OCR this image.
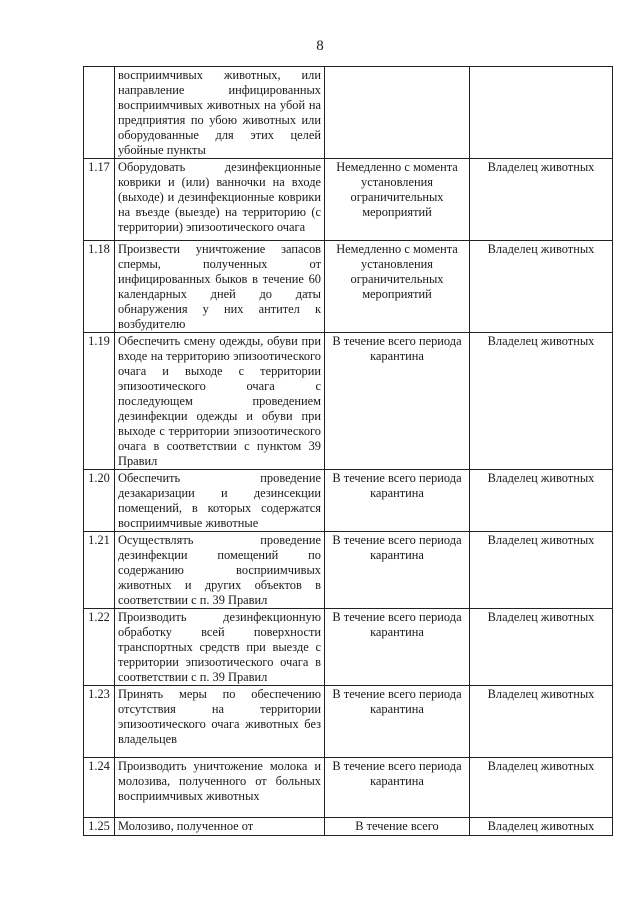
8
	восприимчивых животных, или направление инфицированных восприимчивых животных на убой на предприятия по убою животных или оборудованные для этих целей убойные пункты		
1.17	Оборудовать дезинфекционные коврики и (или) ванночки на входе (выходе) и дезинфекционные коврики на въезде (выезде) на территорию (с территории) эпизоотического очага	Немедленно с момента установления ограничительных мероприятий	Владелец животных
1.18	Произвести уничтожение запасов спермы, полученных от инфицированных быков в течение 60 календарных дней до даты обнаружения у них антител к возбудителю	Немедленно с момента установления ограничительных мероприятий	Владелец животных
1.19	Обеспечить смену одежды, обуви при входе на территорию эпизоотического очага и выходе с территории эпизоотического очага с последующем проведением дезинфекции одежды и обуви при выходе с территории эпизоотического очага в соответствии с пунктом 39 Правил	В течение всего периода карантина	Владелец животных
1.20	Обеспечить проведение дезакаризации и дезинсекции помещений, в которых содержатся восприимчивые животные	В течение всего периода карантина	Владелец животных
1.21	Осуществлять проведение дезинфекции помещений по содержанию восприимчивых животных и других объектов в соответствии с п. 39 Правил	В течение всего периода карантина	Владелец животных
1.22	Производить дезинфекционную обработку всей поверхности транспортных средств при выезде с территории эпизоотического очага в соответствии с п. 39 Правил	В течение всего периода карантина	Владелец животных
1.23	Принять меры по обеспечению отсутствия на территории эпизоотического очага животных без владельцев	В течение всего периода карантина	Владелец животных
1.24	Производить уничтожение молока и молозива, полученного от больных восприимчивых животных	В течение всего периода карантина	Владелец животных
1.25	Молозиво, полученное от	В течение всего	Владелец животных
